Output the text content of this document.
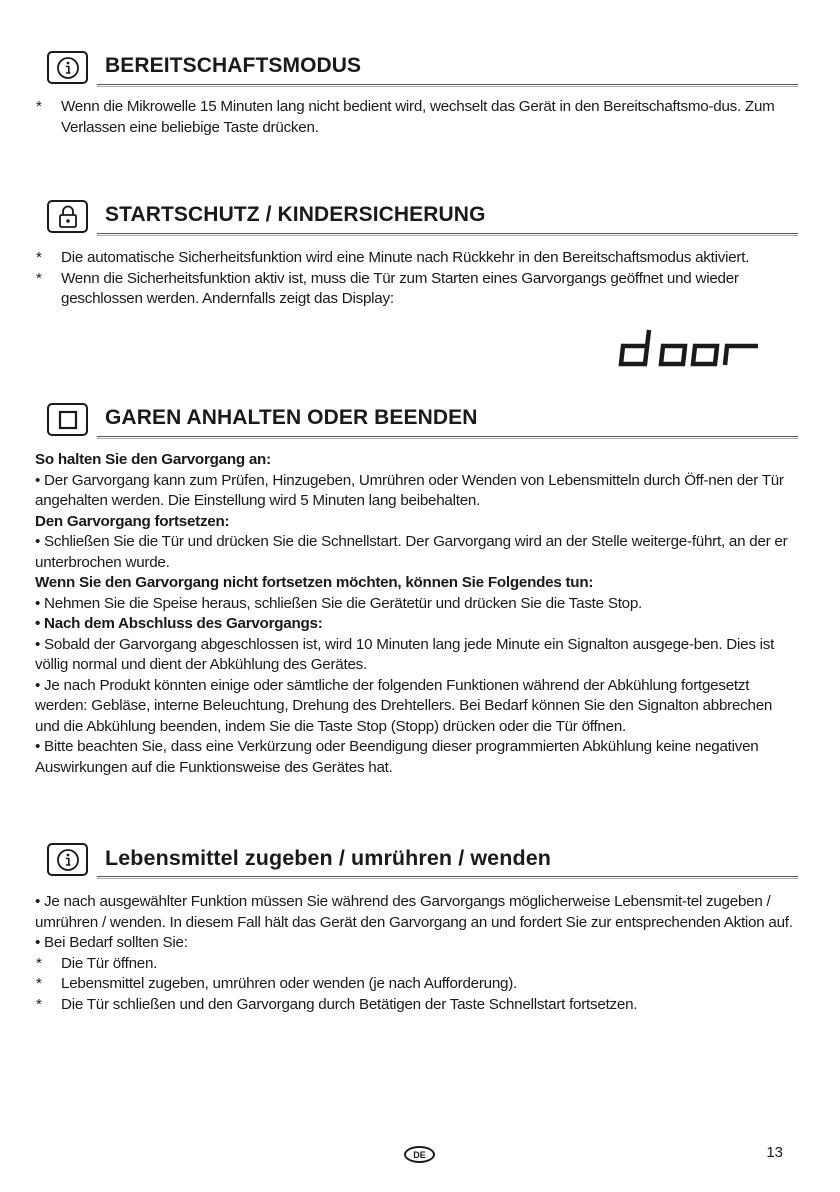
BEREITSCHAFTSMODUS
* Wenn die Mikrowelle 15 Minuten lang nicht bedient wird, wechselt das Gerät in den Bereitschaftsmo-dus. Zum Verlassen eine beliebige Taste drücken.
STARTSCHUTZ / KINDERSICHERUNG
* Die automatische Sicherheitsfunktion wird eine Minute nach Rückkehr in den Bereitschaftsmodus aktiviert.
* Wenn die Sicherheitsfunktion aktiv ist, muss die Tür zum Starten eines Garvorgangs geöffnet und wieder geschlossen werden. Andernfalls zeigt das Display:
GAREN ANHALTEN ODER BEENDEN

So halten Sie den Garvorgang an:

• Der Garvorgang kann zum Prüfen, Hinzugeben, Umrühren oder Wenden von Lebensmitteln durch Öff-nen der Tür angehalten werden. Die Einstellung wird 5 Minuten lang beibehalten.

Den Garvorgang fortsetzen:

• Schließen Sie die Tür und drücken Sie die Schnellstart. Der Garvorgang wird an der Stelle weiterge-führt, an der er unterbrochen wurde.

Wenn Sie den Garvorgang nicht fortsetzen möchten, können Sie Folgendes tun:

• Nehmen Sie die Speise heraus, schließen Sie die Gerätetür und drücken Sie die Taste Stop.

• Nach dem Abschluss des Garvorgangs:

• Sobald der Garvorgang abgeschlossen ist, wird 10 Minuten lang jede Minute ein Signalton ausgege-ben. Dies ist völlig normal und dient der Abkühlung des Gerätes.

• Je nach Produkt könnten einige oder sämtliche der folgenden Funktionen während der Abkühlung fortgesetzt werden: Gebläse, interne Beleuchtung, Drehung des Drehtellers. Bei Bedarf können Sie den Signalton abbrechen und die Abkühlung beenden, indem Sie die Taste Stop (Stopp) drücken oder die Tür öffnen.

• Bitte beachten Sie, dass eine Verkürzung oder Beendigung dieser programmierten Abkühlung keine negativen Auswirkungen auf die Funktionsweise des Gerätes hat.

Lebensmittel zugeben / umrühren / wenden

• Je nach ausgewählter Funktion müssen Sie während des Garvorgangs möglicherweise Lebensmit-tel zugeben / umrühren / wenden. In diesem Fall hält das Gerät den Garvorgang an und fordert Sie zur entsprechenden Aktion auf.

• Bei Bedarf sollten Sie:

* Die Tür öffnen.
* Lebensmittel zugeben, umrühren oder wenden (je nach Aufforderung).
* Die Tür schließen und den Garvorgang durch Betätigen der Taste Schnellstart fortsetzen.
DE	13
